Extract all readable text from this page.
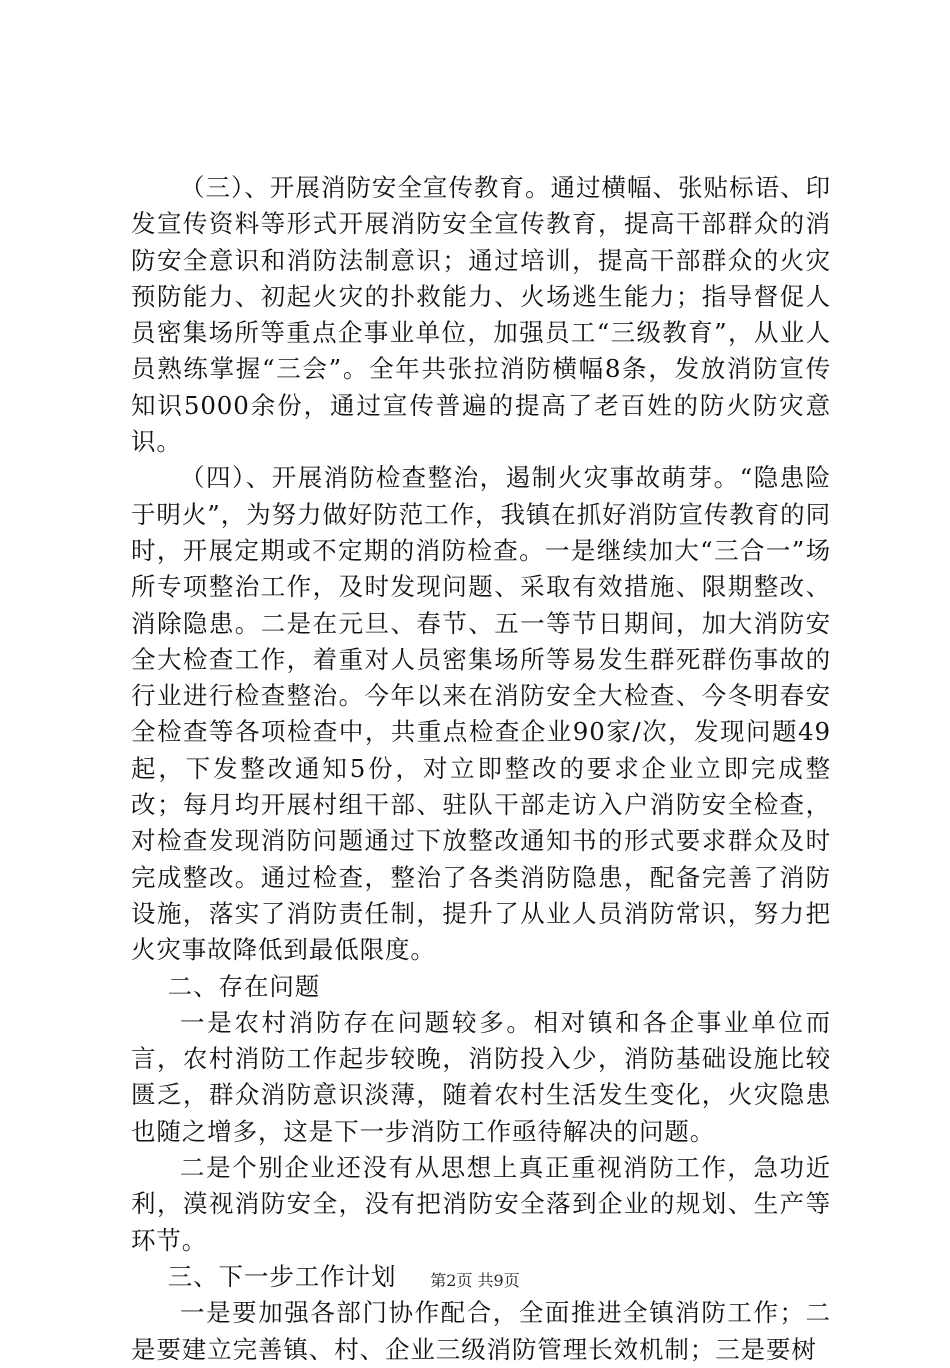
（三）、开展消防安全宣传教育。通过横幅、张贴标语、印发宣传资料等形式开展消防安全宣传教育，提高干部群众的消防安全意识和消防法制意识；通过培训，提高干部群众的火灾预防能力、初起火灾的扑救能力、火场逃生能力；指导督促人员密集场所等重点企事业单位，加强员工“三级教育”，从业人员熟练掌握“三会”。全年共张拉消防横幅8条，发放消防宣传知识5000余份，通过宣传普遍的提高了老百姓的防火防灾意识。

（四）、开展消防检查整治，遏制火灾事故萌芽。“隐患险于明火”，为努力做好防范工作，我镇在抓好消防宣传教育的同时，开展定期或不定期的消防检查。一是继续加大“三合一”场所专项整治工作，及时发现问题、采取有效措施、限期整改、消除隐患。二是在元旦、春节、五一等节日期间，加大消防安全大检查工作，着重对人员密集场所等易发生群死群伤事故的行业进行检查整治。今年以来在消防安全大检查、今冬明春安全检查等各项检查中，共重点检查企业90家/次，发现问题49起，下发整改通知5份，对立即整改的要求企业立即完成整改；每月均开展村组干部、驻队干部走访入户消防安全检查，对检查发现消防问题通过下放整改通知书的形式要求群众及时完成整改。通过检查，整治了各类消防隐患，配备完善了消防设施，落实了消防责任制，提升了从业人员消防常识，努力把火灾事故降低到最低限度。

二、存在问题

一是农村消防存在问题较多。相对镇和各企事业单位而言，农村消防工作起步较晚，消防投入少，消防基础设施比较匮乏，群众消防意识淡薄，随着农村生活发生变化，火灾隐患也随之增多，这是下一步消防工作亟待解决的问题。

二是个别企业还没有从思想上真正重视消防工作，急功近利，漠视消防安全，没有把消防安全落到企业的规划、生产等环节。

三、下一步工作计划

一是要加强各部门协作配合，全面推进全镇消防工作；二是要建立完善镇、村、企业三级消防管理长效机制；三是要树

第2页 共9页
